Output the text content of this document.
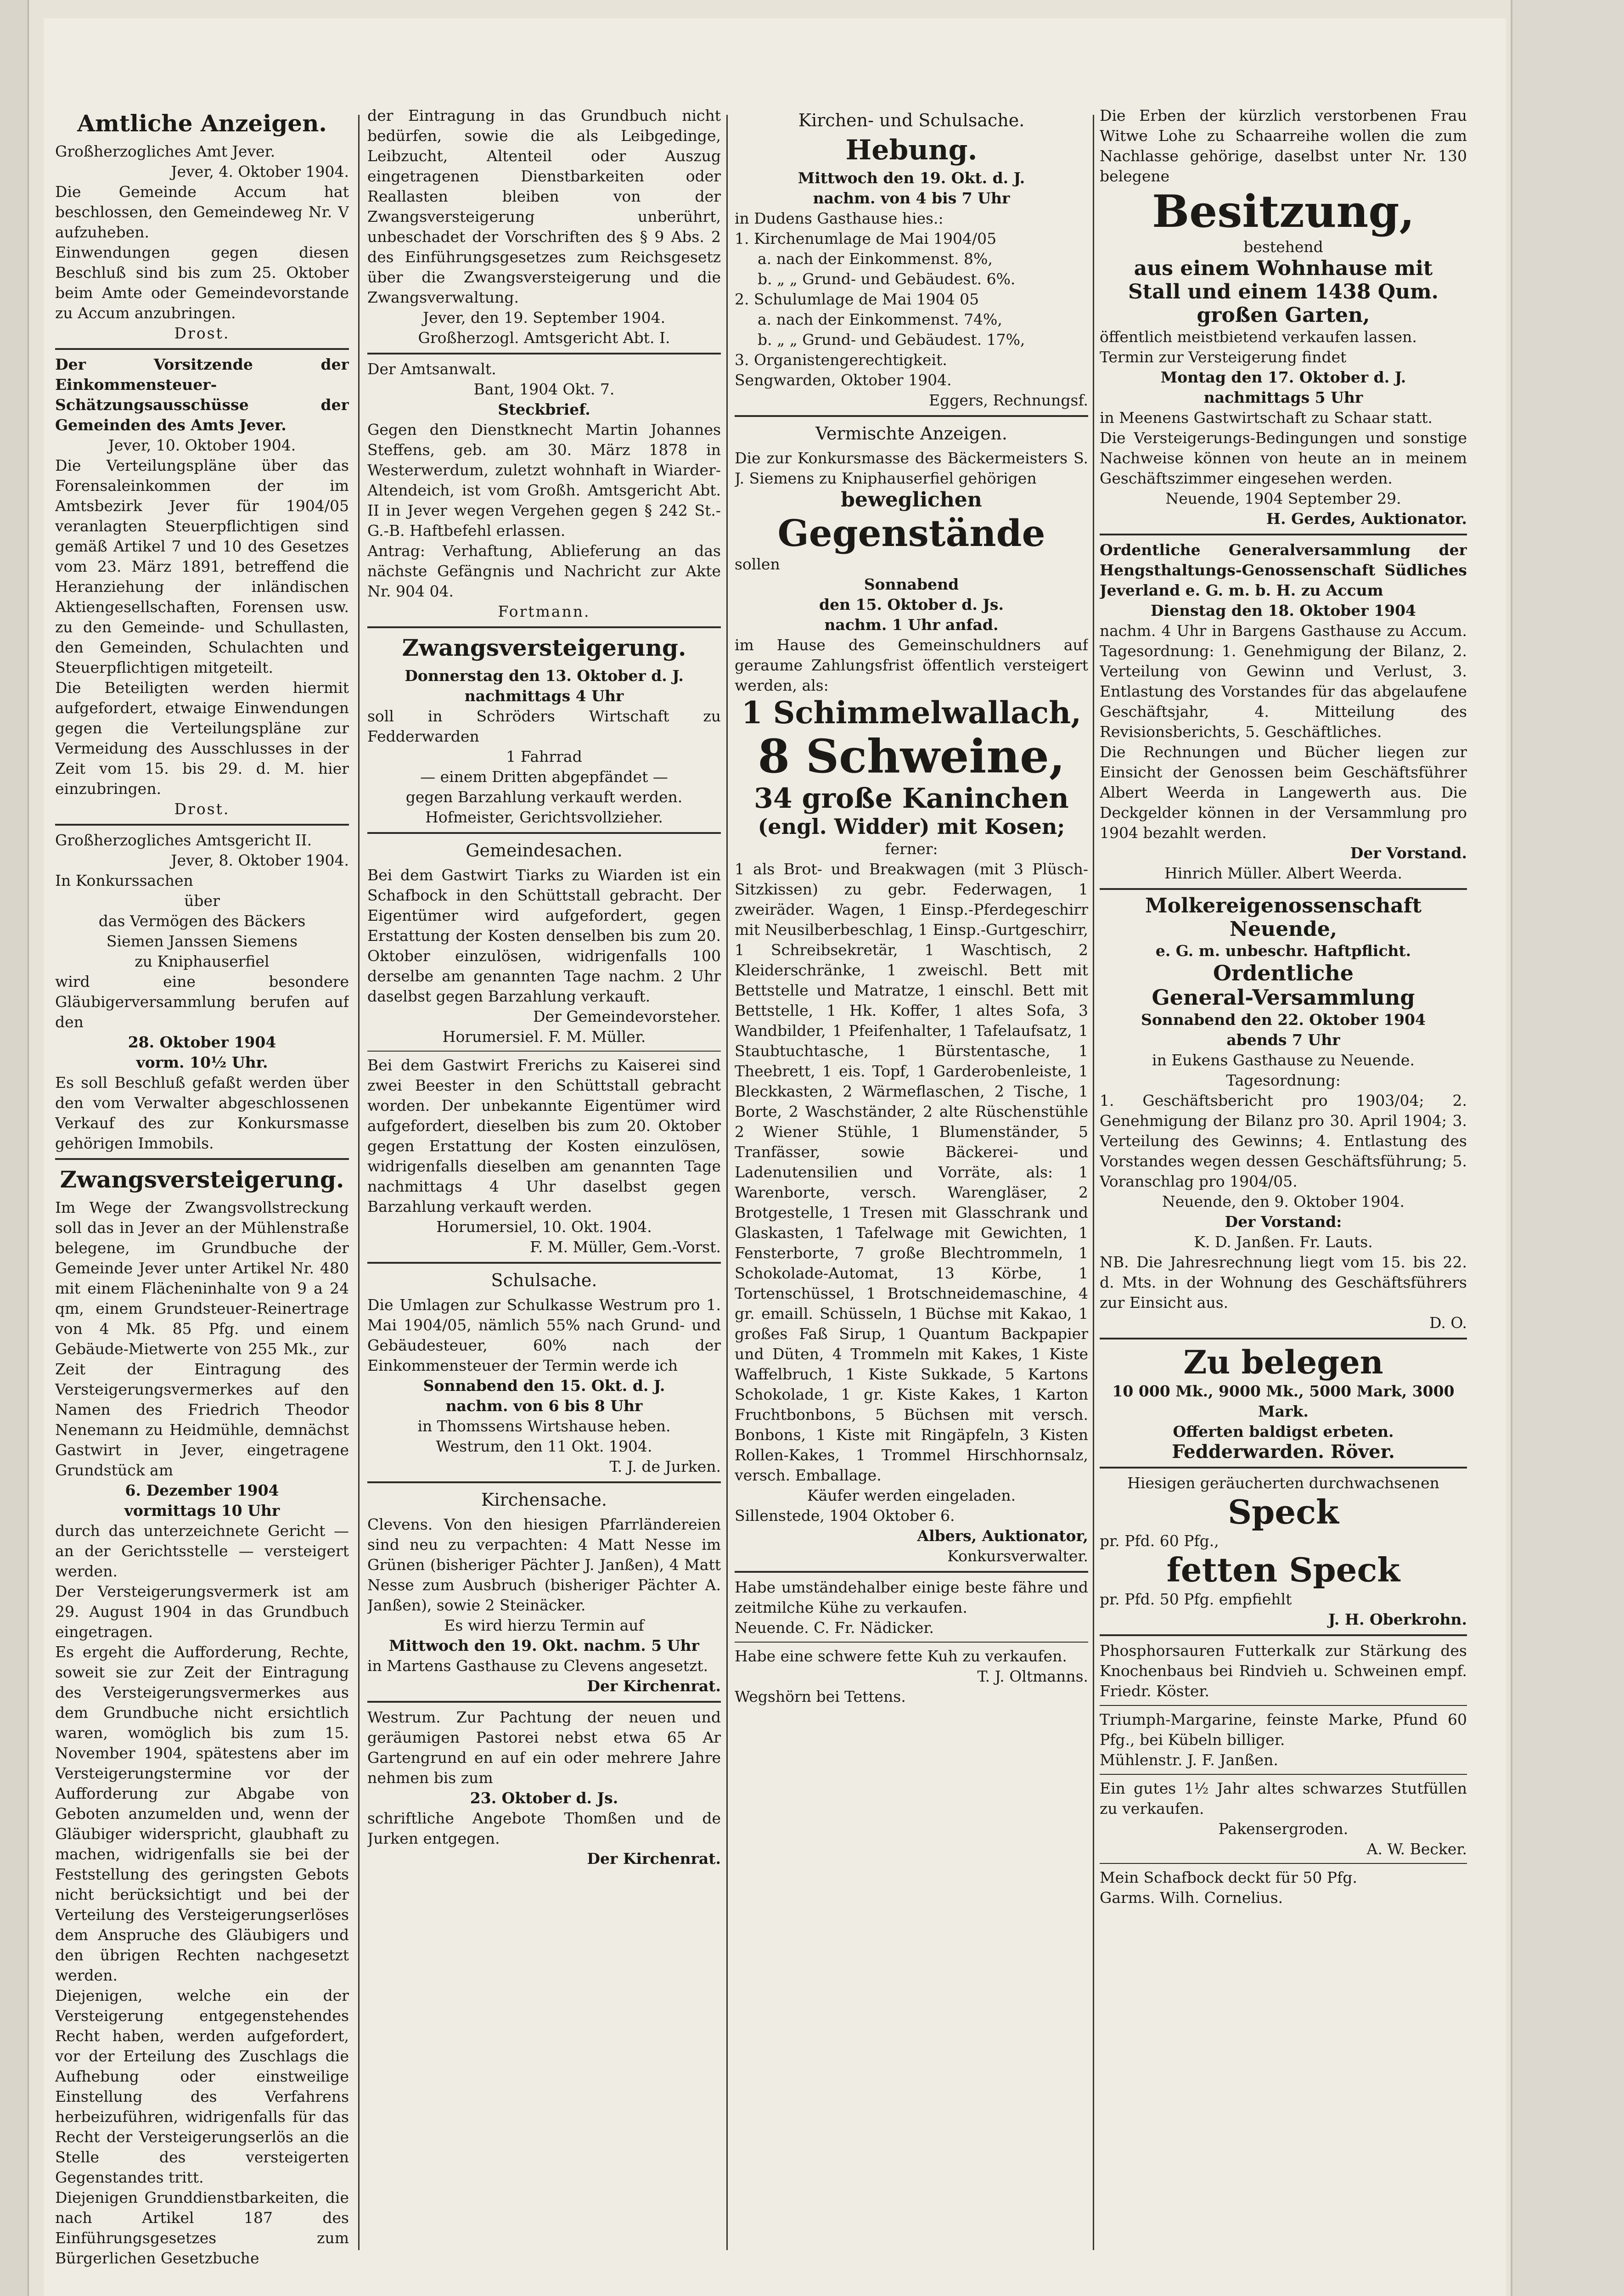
Amtliche Anzeigen.

Großherzogliches Amt Jever.

Jever, 4. Oktober 1904.

Die Gemeinde Accum hat beschlossen, den Gemeindeweg Nr. V aufzuheben.

Einwendungen gegen diesen Beschluß sind bis zum 25. Oktober beim Amte oder Gemeindevorstande zu Accum anzubringen.

Drost.

Der Vorsitzende der Einkommensteuer-Schätzungsausschüsse der Gemeinden des Amts Jever.

Jever, 10. Oktober 1904.

Die Verteilungspläne über das Forensaleinkommen der im Amtsbezirk Jever für 1904/05 veranlagten Steuerpflichtigen sind gemäß Artikel 7 und 10 des Gesetzes vom 23. März 1891, betreffend die Heranziehung der inländischen Aktiengesellschaften, Forensen usw. zu den Gemeinde- und Schullasten, den Gemeinden, Schulachten und Steuerpflichtigen mitgeteilt.

Die Beteiligten werden hiermit aufgefordert, etwaige Einwendungen gegen die Verteilungspläne zur Vermeidung des Ausschlusses in der Zeit vom 15. bis 29. d. M. hier einzubringen.

Drost.

Großherzogliches Amtsgericht II.

Jever, 8. Oktober 1904.

In Konkurssachen

über

das Vermögen des Bäckers

Siemen Janssen Siemens

zu Kniphauserfiel

wird eine besondere Gläubigerversammlung berufen auf den

28. Oktober 1904

vorm. 10½ Uhr.

Es soll Beschluß gefaßt werden über den vom Verwalter abgeschlossenen Verkauf des zur Konkursmasse gehörigen Immobils.

Zwangsversteigerung.

Im Wege der Zwangsvollstreckung soll das in Jever an der Mühlenstraße belegene, im Grundbuche der Gemeinde Jever unter Artikel Nr. 480 mit einem Flächeninhalte von 9 a 24 qm, einem Grundsteuer-Reinertrage von 4 Mk. 85 Pfg. und einem Gebäude-Mietwerte von 255 Mk., zur Zeit der Eintragung des Versteigerungsvermerkes auf den Namen des Friedrich Theodor Nenemann zu Heidmühle, demnächst Gastwirt in Jever, eingetragene Grundstück am

6. Dezember 1904

vormittags 10 Uhr

durch das unterzeichnete Gericht — an der Gerichtsstelle — versteigert werden.

Der Versteigerungsvermerk ist am 29. August 1904 in das Grundbuch eingetragen.

Es ergeht die Aufforderung, Rechte, soweit sie zur Zeit der Eintragung des Versteigerungsvermerkes aus dem Grundbuche nicht ersichtlich waren, womöglich bis zum 15. November 1904, spätestens aber im Versteigerungstermine vor der Aufforderung zur Abgabe von Geboten anzumelden und, wenn der Gläubiger widerspricht, glaubhaft zu machen, widrigenfalls sie bei der Feststellung des geringsten Gebots nicht berücksichtigt und bei der Verteilung des Versteigerungserlöses dem Anspruche des Gläubigers und den übrigen Rechten nachgesetzt werden.

Diejenigen, welche ein der Versteigerung entgegenstehendes Recht haben, werden aufgefordert, vor der Erteilung des Zuschlags die Aufhebung oder einstweilige Einstellung des Verfahrens herbeizuführen, widrigenfalls für das Recht der Versteigerungserlös an die Stelle des versteigerten Gegenstandes tritt.

Diejenigen Grunddienstbarkeiten, die nach Artikel 187 des Einführungsgesetzes zum Bürgerlichen Gesetzbuche

der Eintragung in das Grundbuch nicht bedürfen, sowie die als Leibgedinge, Leibzucht, Altenteil oder Auszug eingetragenen Dienstbarkeiten oder Reallasten bleiben von der Zwangsversteigerung unberührt, unbeschadet der Vorschriften des § 9 Abs. 2 des Einführungsgesetzes zum Reichsgesetz über die Zwangsversteigerung und die Zwangsverwaltung.

Jever, den 19. September 1904.

Großherzogl. Amtsgericht Abt. I.

Der Amtsanwalt.

Bant, 1904 Okt. 7.

Steckbrief.

Gegen den Dienstknecht Martin Johannes Steffens, geb. am 30. März 1878 in Westerwerdum, zuletzt wohnhaft in Wiarder-Altendeich, ist vom Großh. Amtsgericht Abt. II in Jever wegen Vergehen gegen § 242 St.-G.-B. Haftbefehl erlassen.

Antrag: Verhaftung, Ablieferung an das nächste Gefängnis und Nachricht zur Akte Nr. 904 04.

Fortmann.

Zwangsversteigerung.

Donnerstag den 13. Oktober d. J.

nachmittags 4 Uhr

soll in Schröders Wirtschaft zu Fedderwarden

1 Fahrrad

— einem Dritten abgepfändet —

gegen Barzahlung verkauft werden.

Hofmeister, Gerichtsvollzieher.

Gemeindesachen.

Bei dem Gastwirt Tiarks zu Wiarden ist ein Schafbock in den Schüttstall gebracht. Der Eigentümer wird aufgefordert, gegen Erstattung der Kosten denselben bis zum 20. Oktober einzulösen, widrigenfalls 100 derselbe am genannten Tage nachm. 2 Uhr daselbst gegen Barzahlung verkauft.

Der Gemeindevorsteher.

Horumersiel. F. M. Müller.

Bei dem Gastwirt Frerichs zu Kaiserei sind zwei Beester in den Schüttstall gebracht worden. Der unbekannte Eigentümer wird aufgefordert, dieselben bis zum 20. Oktober gegen Erstattung der Kosten einzulösen, widrigenfalls dieselben am genannten Tage nachmittags 4 Uhr daselbst gegen Barzahlung verkauft werden.

Horumersiel, 10. Okt. 1904.

F. M. Müller, Gem.-Vorst.

Schulsache.

Die Umlagen zur Schulkasse Westrum pro 1. Mai 1904/05, nämlich 55% nach Grund- und Gebäudesteuer, 60% nach der Einkommensteuer der Termin werde ich

Sonnabend den 15. Okt. d. J.

nachm. von 6 bis 8 Uhr

in Thomssens Wirtshause heben.

Westrum, den 11 Okt. 1904.

T. J. de Jurken.

Kirchensache.

Clevens. Von den hiesigen Pfarrländereien sind neu zu verpachten: 4 Matt Nesse im Grünen (bisheriger Pächter J. Janßen), 4 Matt Nesse zum Ausbruch (bisheriger Pächter A. Janßen), sowie 2 Steinäcker.

Es wird hierzu Termin auf

Mittwoch den 19. Okt. nachm. 5 Uhr

in Martens Gasthause zu Clevens angesetzt.

Der Kirchenrat.

Westrum. Zur Pachtung der neuen und geräumigen Pastorei nebst etwa 65 Ar Gartengrund en auf ein oder mehrere Jahre nehmen bis zum

23. Oktober d. Js.

schriftliche Angebote Thomßen und de Jurken entgegen.

Der Kirchenrat.

Kirchen- und Schulsache.
Hebung.

Mittwoch den 19. Okt. d. J.

nachm. von 4 bis 7 Uhr

in Dudens Gasthause hies.:

1. Kirchenumlage de Mai 1904/05

a. nach der Einkommenst. 8%,

b. „ „ Grund- und Gebäudest. 6%.

2. Schulumlage de Mai 1904 05

a. nach der Einkommenst. 74%,

b. „ „ Grund- und Gebäudest. 17%,

3. Organistengerechtigkeit.

Sengwarden, Oktober 1904.

Eggers, Rechnungsf.

Vermischte Anzeigen.

Die zur Konkursmasse des Bäckermeisters S. J. Siemens zu Kniphauserfiel gehörigen

beweglichen

Gegenstände

sollen

Sonnabend

den 15. Oktober d. Js.

nachm. 1 Uhr anfad.

im Hause des Gemeinschuldners auf geraume Zahlungsfrist öffentlich versteigert werden, als:

1 Schimmelwallach,

8 Schweine,

34 große Kaninchen

(engl. Widder) mit Kosen;

ferner:

1 als Brot- und Breakwagen (mit 3 Plüsch-Sitzkissen) zu gebr. Federwagen, 1 zweiräder. Wagen, 1 Einsp.-Pferdegeschirr mit Neusilberbeschlag, 1 Einsp.-Gurtgeschirr, 1 Schreibsekretär, 1 Waschtisch, 2 Kleiderschränke, 1 zweischl. Bett mit Bettstelle und Matratze, 1 einschl. Bett mit Bettstelle, 1 Hk. Koffer, 1 altes Sofa, 3 Wandbilder, 1 Pfeifenhalter, 1 Tafelaufsatz, 1 Staubtuchtasche, 1 Bürstentasche, 1 Theebrett, 1 eis. Topf, 1 Garderobenleiste, 1 Bleckkasten, 2 Wärmeflaschen, 2 Tische, 1 Borte, 2 Waschständer, 2 alte Rüschenstühle 2 Wiener Stühle, 1 Blumenständer, 5 Tranfässer, sowie Bäckerei- und Ladenutensilien und Vorräte, als: 1 Warenborte, versch. Warengläser, 2 Brotgestelle, 1 Tresen mit Glasschrank und Glaskasten, 1 Tafelwage mit Gewichten, 1 Fensterborte, 7 große Blechtrommeln, 1 Schokolade-Automat, 13 Körbe, 1 Tortenschüssel, 1 Brotschneidemaschine, 4 gr. emaill. Schüsseln, 1 Büchse mit Kakao, 1 großes Faß Sirup, 1 Quantum Backpapier und Düten, 4 Trommeln mit Kakes, 1 Kiste Waffelbruch, 1 Kiste Sukkade, 5 Kartons Schokolade, 1 gr. Kiste Kakes, 1 Karton Fruchtbonbons, 5 Büchsen mit versch. Bonbons, 1 Kiste mit Ringäpfeln, 3 Kisten Rollen-Kakes, 1 Trommel Hirschhornsalz, versch. Emballage.

Käufer werden eingeladen.

Sillenstede, 1904 Oktober 6.

Albers, Auktionator,

Konkursverwalter.

Habe umständehalber einige beste fähre und zeitmilche Kühe zu verkaufen.

Neuende. C. Fr. Nädicker.

Habe eine schwere fette Kuh zu verkaufen.

T. J. Oltmanns.

Wegshörn bei Tettens.

Die Erben der kürzlich verstorbenen Frau Witwe Lohe zu Schaarreihe wollen die zum Nachlasse gehörige, daselbst unter Nr. 130 belegene

Besitzung,

bestehend

aus einem Wohnhause mit

Stall und einem 1438 Qum.

großen Garten,

öffentlich meistbietend verkaufen lassen.

Termin zur Versteigerung findet

Montag den 17. Oktober d. J.

nachmittags 5 Uhr

in Meenens Gastwirtschaft zu Schaar statt.

Die Versteigerungs-Bedingungen und sonstige Nachweise können von heute an in meinem Geschäftszimmer eingesehen werden.

Neuende, 1904 September 29.

H. Gerdes, Auktionator.

Ordentliche Generalversammlung der Hengsthaltungs-Genossenschaft Südliches Jeverland e. G. m. b. H. zu Accum

Dienstag den 18. Oktober 1904

nachm. 4 Uhr in Bargens Gasthause zu Accum. Tagesordnung: 1. Genehmigung der Bilanz, 2. Verteilung von Gewinn und Verlust, 3. Entlastung des Vorstandes für das abgelaufene Geschäftsjahr, 4. Mitteilung des Revisionsberichts, 5. Geschäftliches.

Die Rechnungen und Bücher liegen zur Einsicht der Genossen beim Geschäftsführer Albert Weerda in Langewerth aus. Die Deckgelder können in der Versammlung pro 1904 bezahlt werden.

Der Vorstand.

Hinrich Müller. Albert Weerda.

Molkereigenossenschaft Neuende,

e. G. m. unbeschr. Haftpflicht.

Ordentliche

General-Versammlung

Sonnabend den 22. Oktober 1904

abends 7 Uhr

in Eukens Gasthause zu Neuende.

Tagesordnung:

1. Geschäftsbericht pro 1903/04; 2. Genehmigung der Bilanz pro 30. April 1904; 3. Verteilung des Gewinns; 4. Entlastung des Vorstandes wegen dessen Geschäftsführung; 5. Voranschlag pro 1904/05.

Neuende, den 9. Oktober 1904.

Der Vorstand:

K. D. Janßen. Fr. Lauts.

NB. Die Jahresrechnung liegt vom 15. bis 22. d. Mts. in der Wohnung des Geschäftsführers zur Einsicht aus.

D. O.

Zu belegen

10 000 Mk., 9000 Mk., 5000 Mark, 3000 Mark.

Offerten baldigst erbeten.

Fedderwarden. Röver.

Hiesigen geräucherten durchwachsenen

Speck

pr. Pfd. 60 Pfg.,

fetten Speck

pr. Pfd. 50 Pfg. empfiehlt

J. H. Oberkrohn.

Phosphorsauren Futterkalk zur Stärkung des Knochenbaus bei Rindvieh u. Schweinen empf. Friedr. Köster.

Triumph-Margarine, feinste Marke, Pfund 60 Pfg., bei Kübeln billiger.

Mühlenstr. J. F. Janßen.

Ein gutes 1½ Jahr altes schwarzes Stutfüllen zu verkaufen.

Pakensergroden.

A. W. Becker.

Mein Schafbock deckt für 50 Pfg.

Garms. Wilh. Cornelius.
